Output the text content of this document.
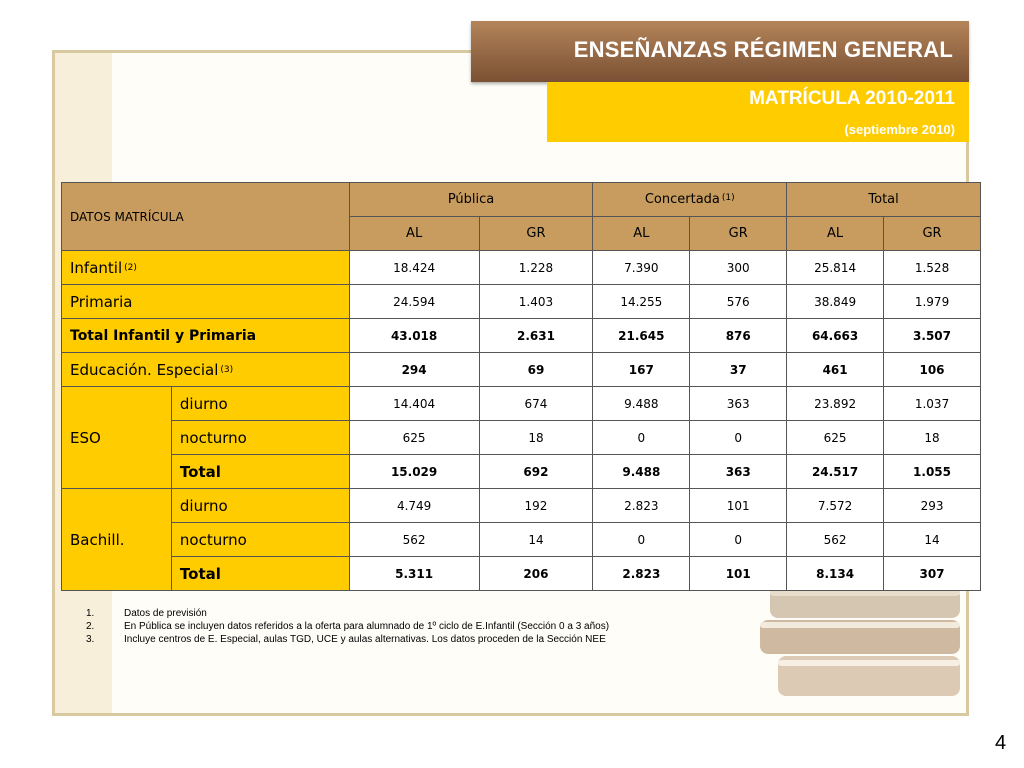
ENSEÑANZAS RÉGIMEN GENERAL
MATRÍCULA 2010-2011
(septiembre 2010)
DATOS MATRÍCULA		Pública		Concertada $^{(1)}$		Total	
		AL	GR	AL	GR	AL	GR
Infantil $^{(2)}$		18.424	1.228	7.390	300	25.814	1.528
Primaria		24.594	1.403	14.255	576	38.849	1.979
Total Infantil y Primaria		43.018	2.631	21.645	876	64.663	3.507
Educación. Especial $^{(3)}$		294	69	167	37	461	106
ESO	diurno	14.404	674	9.488	363	23.892	1.037
	nocturno	625	18	0	0	625	18
	Total	15.029	692	9.488	363	24.517	1.055
Bachill.	diurno	4.749	192	2.823	101	7.572	293
	nocturno	562	14	0	0	562	14
	Total	5.311	206	2.823	101	8.134	307
1.	Datos de previsión
2.	En Pública se incluyen datos referidos a la oferta para alumnado de 1º ciclo de E.Infantil (Sección 0 a 3 años)
3.	Incluye centros de E. Especial, aulas TGD, UCE y aulas alternativas. Los datos proceden de la Sección NEE
4
